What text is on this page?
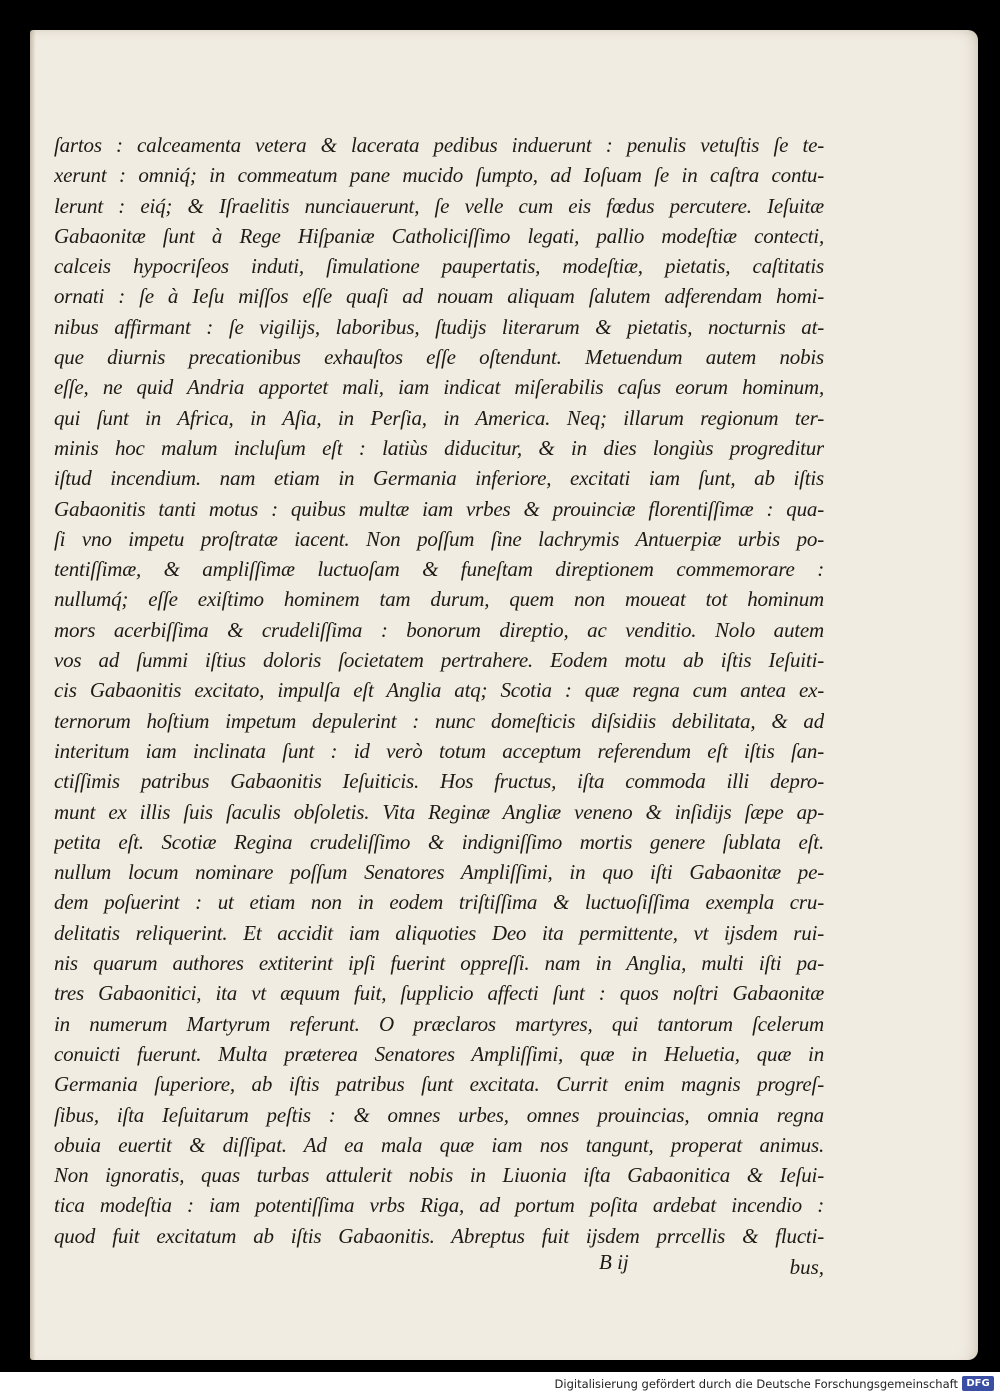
ſartos : calceamenta vetera & lacerata pedibus induerunt : penulis vetuſtis ſe te-
xerunt : omniq́; in commeatum pane mucido ſumpto, ad Ioſuam ſe in caſtra contu-
lerunt : eiq́; & Iſraelitis nunciauerunt, ſe velle cum eis fœdus percutere. Ieſuitæ
Gabaonitæ ſunt à Rege Hiſpaniæ Catholiciſſimo legati, pallio modeſtiæ contecti,
calceis hypocriſeos induti, ſimulatione paupertatis, modeſtiæ, pietatis, caſtitatis
ornati : ſe à Ieſu miſſos eſſe quaſi ad nouam aliquam ſalutem adferendam homi-
nibus affirmant : ſe vigilijs, laboribus, ſtudijs literarum & pietatis, nocturnis at-
que diurnis precationibus exhauſtos eſſe oſtendunt. Metuendum autem nobis
eſſe, ne quid Andria apportet mali, iam indicat miſerabilis caſus eorum hominum,
qui ſunt in Africa, in Aſia, in Perſia, in America. Neq; illarum regionum ter-
minis hoc malum incluſum eſt : latiùs diducitur, & in dies longiùs progreditur
iſtud incendium. nam etiam in Germania inferiore, excitati iam ſunt, ab iſtis
Gabaonitis tanti motus : quibus multæ iam vrbes & prouinciæ florentiſſimæ : qua-
ſi vno impetu proſtratæ iacent. Non poſſum ſine lachrymis Antuerpiæ urbis po-
tentiſſimæ, & ampliſſimæ luctuoſam & funeſtam direptionem commemorare :
nullumq́; eſſe exiſtimo hominem tam durum, quem non moueat tot hominum
mors acerbiſſima & crudeliſſima : bonorum direptio, ac venditio. Nolo autem
vos ad ſummi iſtius doloris ſocietatem pertrahere. Eodem motu ab iſtis Ieſuiti-
cis Gabaonitis excitato, impulſa eſt Anglia atq; Scotia : quæ regna cum antea ex-
ternorum hoſtium impetum depulerint : nunc domeſticis diſsidiis debilitata, & ad
interitum iam inclinata ſunt : id verò totum acceptum referendum eſt iſtis ſan-
ctiſſimis patribus Gabaonitis Ieſuiticis. Hos fructus, iſta commoda illi depro-
munt ex illis ſuis ſaculis obſoletis. Vita Reginæ Angliæ veneno & inſidijs ſæpe ap-
petita eſt. Scotiæ Regina crudeliſſimo & indigniſſimo mortis genere ſublata eſt.
nullum locum nominare poſſum Senatores Ampliſſimi, in quo iſti Gabaonitæ pe-
dem poſuerint : ut etiam non in eodem triſtiſſima & luctuoſiſſima exempla cru-
delitatis reliquerint. Et accidit iam aliquoties Deo ita permittente, vt ijsdem rui-
nis quarum authores extiterint ipſi fuerint oppreſſi. nam in Anglia, multi iſti pa-
tres Gabaonitici, ita vt æquum fuit, ſupplicio affecti ſunt : quos noſtri Gabaonitæ
in numerum Martyrum referunt. O præclaros martyres, qui tantorum ſcelerum
conuicti fuerunt. Multa præterea Senatores Ampliſſimi, quæ in Heluetia, quæ in
Germania ſuperiore, ab iſtis patribus ſunt excitata. Currit enim magnis progreſ-
ſibus, iſta Ieſuitarum peſtis : & omnes urbes, omnes prouincias, omnia regna
obuia euertit & diſſipat. Ad ea mala quæ iam nos tangunt, properat animus.
Non ignoratis, quas turbas attulerit nobis in Liuonia iſta Gabaonitica & Ieſui-
tica modeſtia : iam potentiſſima vrbs Riga, ad portum poſita ardebat incendio :
quod fuit excitatum ab iſtis Gabaonitis. Abreptus fuit ijsdem prrcellis & flucti-
B ij	bus,
Digitalisierung gefördert durch die Deutsche Forschungsgemeinschaft DFG
